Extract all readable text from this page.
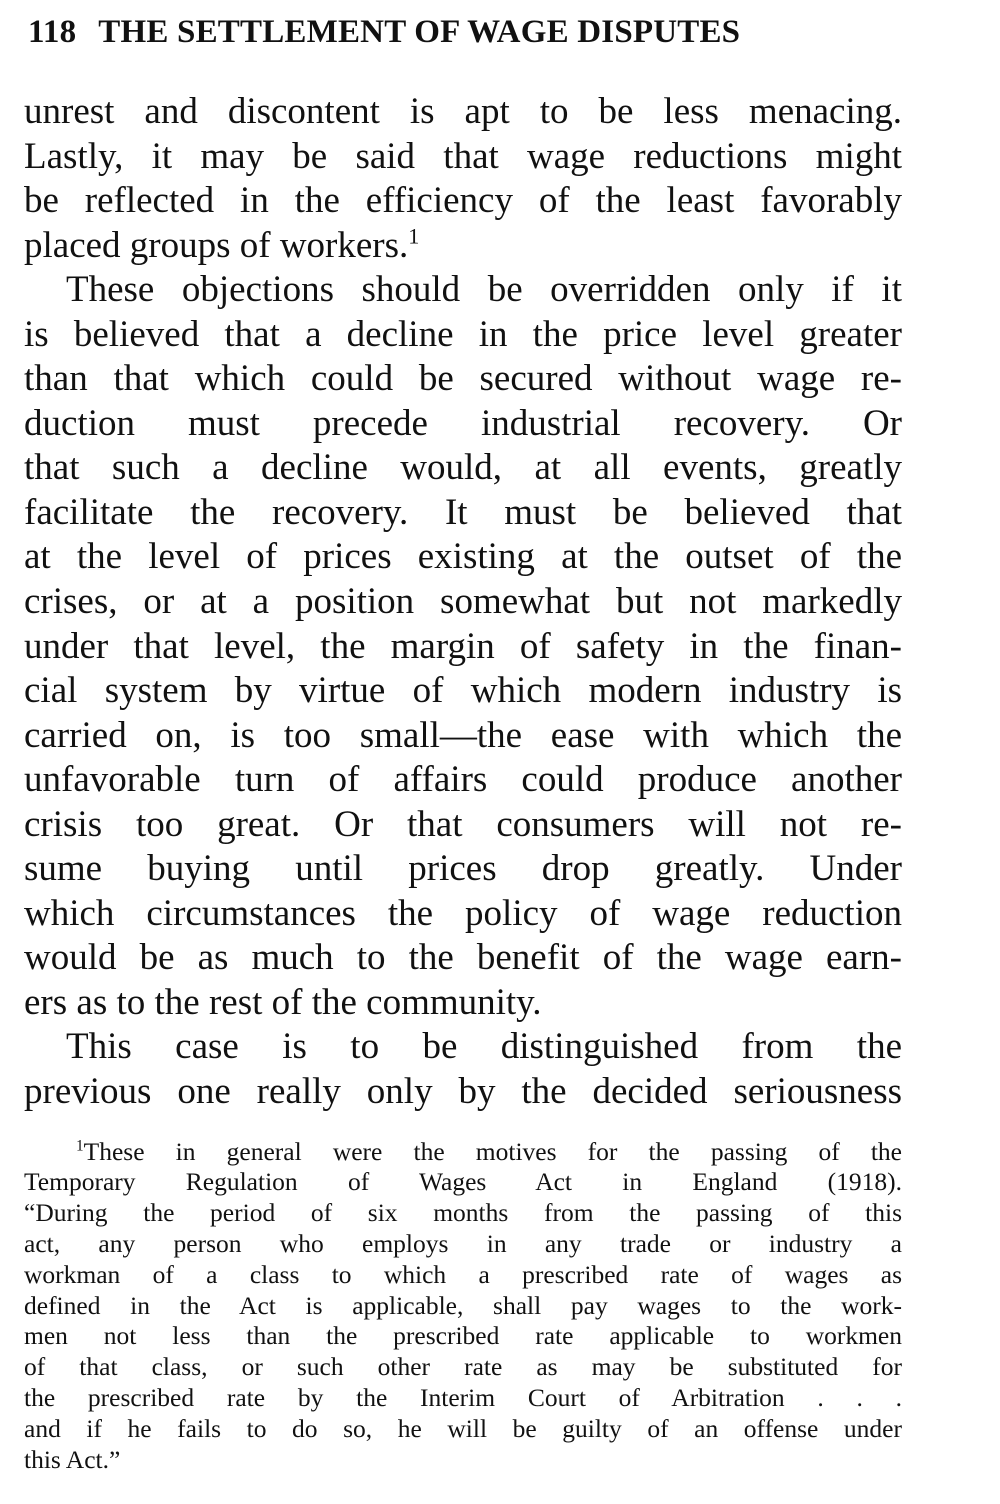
118 THE SETTLEMENT OF WAGE DISPUTES
unrest and discontent is apt to be less menacing.
Lastly, it may be said that wage reductions might
be reflected in the efficiency of the least favorably
placed groups of workers.$^1$
These objections should be overridden only if it
is believed that a decline in the price level greater
than that which could be secured without wage re-
duction must precede industrial recovery. Or
that such a decline would, at all events, greatly
facilitate the recovery. It must be believed that
at the level of prices existing at the outset of the
crises, or at a position somewhat but not markedly
under that level, the margin of safety in the finan-
cial system by virtue of which modern industry is
carried on, is too small—the ease with which the
unfavorable turn of affairs could produce another
crisis too great. Or that consumers will not re-
sume buying until prices drop greatly. Under
which circumstances the policy of wage reduction
would be as much to the benefit of the wage earn-
ers as to the rest of the community.
This case is to be distinguished from the
previous one really only by the decided seriousness
$^1$These in general were the motives for the passing of the
Temporary Regulation of Wages Act in England (1918).
“During the period of six months from the passing of this
act, any person who employs in any trade or industry a
workman of a class to which a prescribed rate of wages as
defined in the Act is applicable, shall pay wages to the work-
men not less than the prescribed rate applicable to workmen
of that class, or such other rate as may be substituted for
the prescribed rate by the Interim Court of Arbitration . . .
and if he fails to do so, he will be guilty of an offense under
this Act.”
